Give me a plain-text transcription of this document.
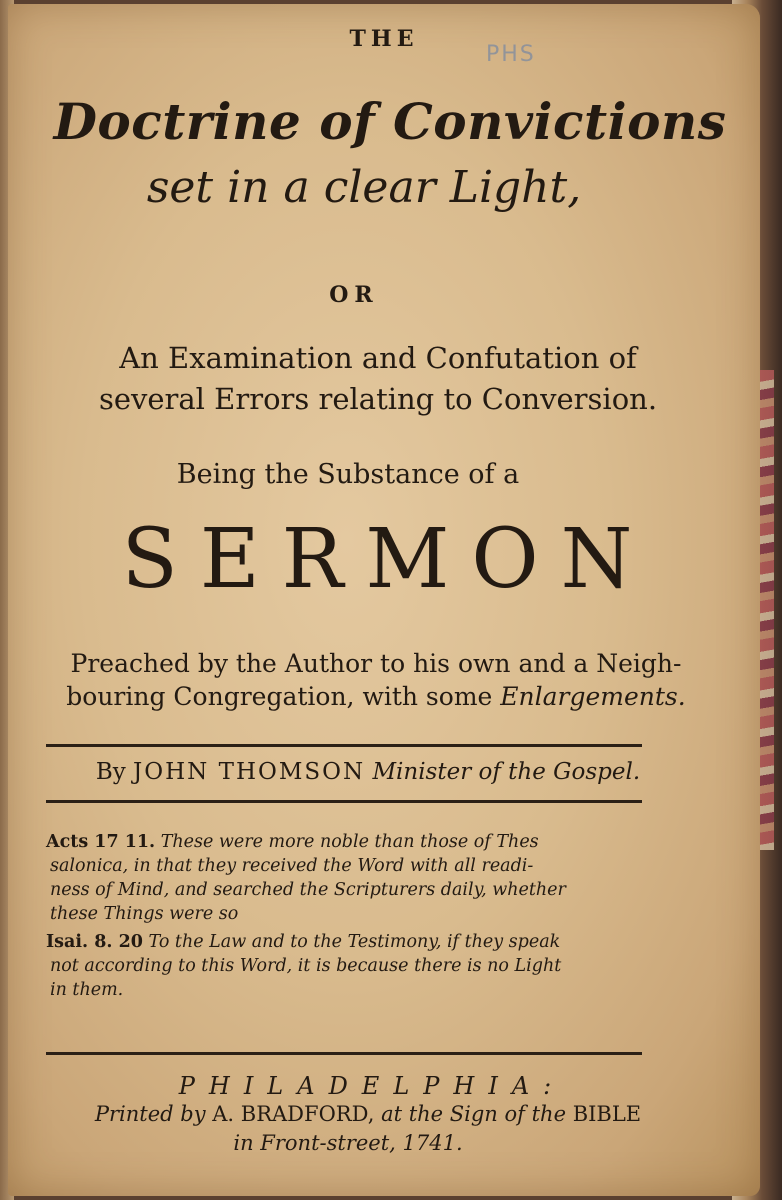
PHS
THE
Doctrine of Convictions
set in a clear Light,
OR
An Examination and Confutation of
several Errors relating to Conversion.
Being the Substance of a
SERMON
Preached by the Author to his own and a Neigh-
bouring Congregation, with some Enlargements.
By JOHN THOMSON Minister of the Gospel.
Acts 17 11. These were more noble than those of Thes
salonica, in that they received the Word with all readi-
ness of Mind, and searched the Scripturers daily, whether
these Things were so
Isai. 8. 20 To the Law and to the Testimony, if they speak
not according to this Word, it is because there is no Light
in them.
PHILADELPHIA:
Printed by A. BRADFORD, at the Sign of the BIBLE
in Front-street, 1741.
